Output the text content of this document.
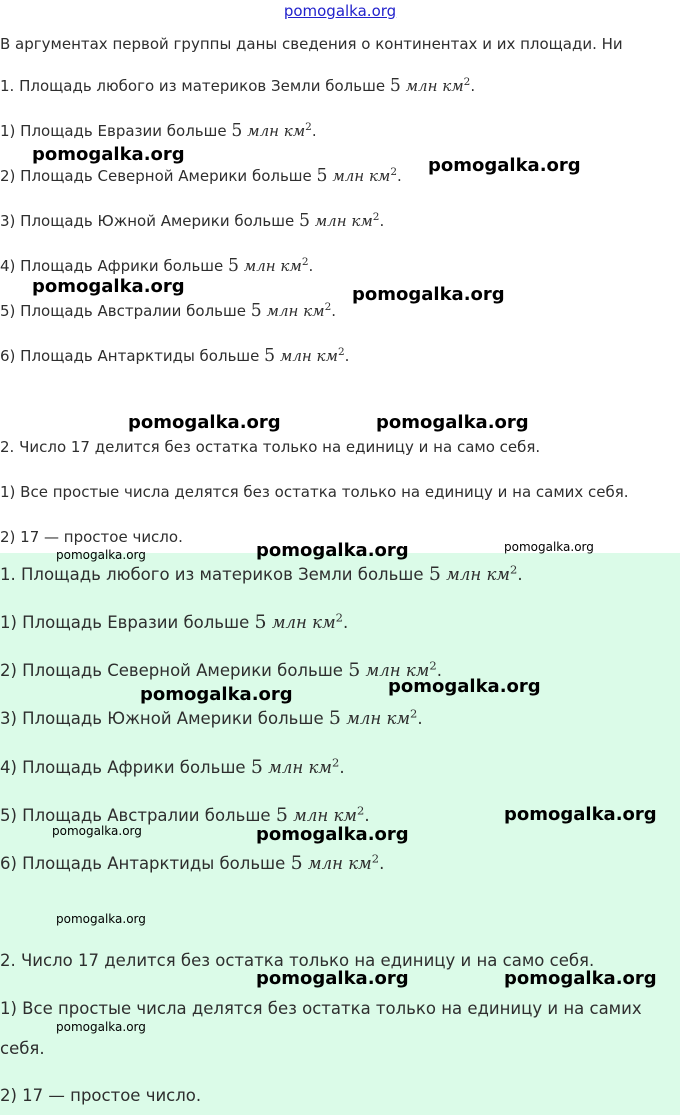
pomogalka.org
В аргументах первой группы даны сведения о континентах и их площади. Ни
1. Площадь любого из материков Земли больше 5 млн $км^2$.
1) Площадь Евразии больше 5 млн $км^2$.
2) Площадь Северной Америки больше 5 млн $км^2$.
3) Площадь Южной Америки больше 5 млн $км^2$.
4) Площадь Африки больше 5 млн $км^2$.
5) Площадь Австралии больше 5 млн $км^2$.
6) Площадь Антарктиды больше 5 млн $км^2$.
2. Число 17 делится без остатка только на единицу и на само себя.
1) Все простые числа делятся без остатка только на единицу и на самих себя.
2) 17 — простое число.
1. Площадь любого из материков Земли больше 5 млн $км^2$.
1) Площадь Евразии больше 5 млн $км^2$.
2) Площадь Северной Америки больше 5 млн $км^2$.
3) Площадь Южной Америки больше 5 млн $км^2$.
4) Площадь Африки больше 5 млн $км^2$.
5) Площадь Австралии больше 5 млн $км^2$.
6) Площадь Антарктиды больше 5 млн $км^2$.
2. Число 17 делится без остатка только на единицу и на само себя.
1) Все простые числа делятся без остатка только на единицу и на самих
себя.
2) 17 — простое число.
pomogalka.org
pomogalka.org
pomogalka.org	pomogalka.org
pomogalka.org	pomogalka.org
pomogalka.org	pomogalka.org	pomogalka.org
pomogalka.org	pomogalka.org
pomogalka.org
pomogalka.org	pomogalka.org
pomogalka.org
pomogalka.org	pomogalka.org
pomogalka.org
